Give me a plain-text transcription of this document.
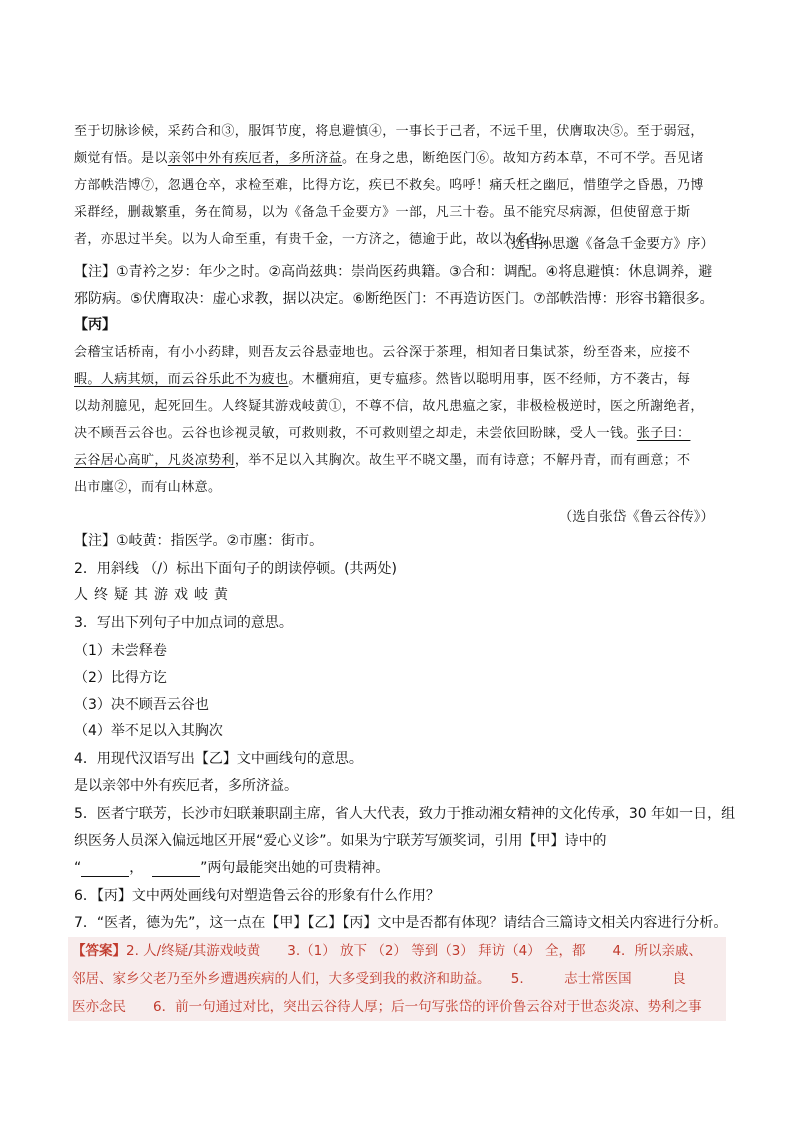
至于切脉诊候，采药合和③，服饵节度，将息避慎④，一事长于己者，不远千里，伏膺取决⑤。至于弱冠，
颇觉有悟。是以亲邻中外有疾厄者，多所济益。在身之患，断绝医门⑥。故知方药本草，不可不学。吾见诸
方部帙浩博⑦，忽遇仓卒，求检至难，比得方讫，疾已不救矣。呜呼！痛夭枉之幽厄，惜堕学之昏愚，乃博
采群经，删裁繁重，务在简易，以为《备急千金要方》一部，凡三十卷。虽不能究尽病源，但使留意于斯
者，亦思过半矣。以为人命至重，有贵千金，一方济之，德逾于此，故以为名也。
（选自孙思邈《备急千金要方》序）
【注】①青衿之岁：年少之时。②高尚兹典：崇尚医药典籍。③合和：调配。④将息避慎：休息调养，避邪防病。⑤伏膺取决：虚心求教，据以决定。⑥断绝医门：不再造访医门。⑦部帙浩博：形容书籍很多。
【丙】
会稽宝话桥南，有小小药肆，则吾友云谷悬壶地也。云谷深于茶理，相知者日集试茶，纷至沓来，应接不
暇。人病其烦，而云谷乐此不为疲也。木櫃痈疽，更专瘟疹。然皆以聪明用事，医不经师，方不袭古，每
以劫剂臆见，起死回生。人终疑其游戏岐黄①，不尊不信，故凡患瘟之家，非极检极逆时，医之所謝绝者，
决不顾吾云谷也。云谷也诊视灵敏，可救则救，不可救则望之却走，未尝依回盼睐，受人一钱。张子曰：
云谷居心高旷，凡炎凉势利，举不足以入其胸次。故生平不晓文墨，而有诗意；不解丹青，而有画意；不
出市廛②，而有山林意。
（选自张岱《鲁云谷传》）
【注】①岐黄：指医学。②市廛：街市。
2．用斜线 （/）标出下面句子的朗读停顿。(共两处)
人终疑其游戏岐黄
3．写出下列句子中加点词的意思。
（1）未尝释卷
（2）比得方讫
（3）决不顾吾云谷也
（4）举不足以入其胸次
4．用现代汉语写出【乙】文中画线句的意思。
是以亲邻中外有疾厄者，多所济益。
5．医者宁联芳，长沙市妇联兼职副主席，省人大代表，致力于推动湘女精神的文化传承，30 年如一日，组
织医务人员深入偏远地区开展“爱心义诊”。如果为宁联芳写颁奖词，引用【甲】诗中的
“	，	”两句最能突出她的可贵精神。
6．【丙】文中两处画线句对塑造鲁云谷的形象有什么作用？
7．“医者，德为先”，这一点在【甲】【乙】【丙】文中是否都有体现？请结合三篇诗文相关内容进行分析。
【答案】2. 人/终疑/其游戏岐黄　　3.（1） 放下 （2） 等到（3） 拜访（4） 全，都　　4．所以亲戚、
邻居、家乡父老乃至外乡遭遇疾病的人们，大多受到我的救济和助益。　　5.　　　志士常医国　　　良
医亦念民　　6．前一句通过对比，突出云谷待人厚；后一句写张岱的评价鲁云谷对于世态炎凉、势利之事
